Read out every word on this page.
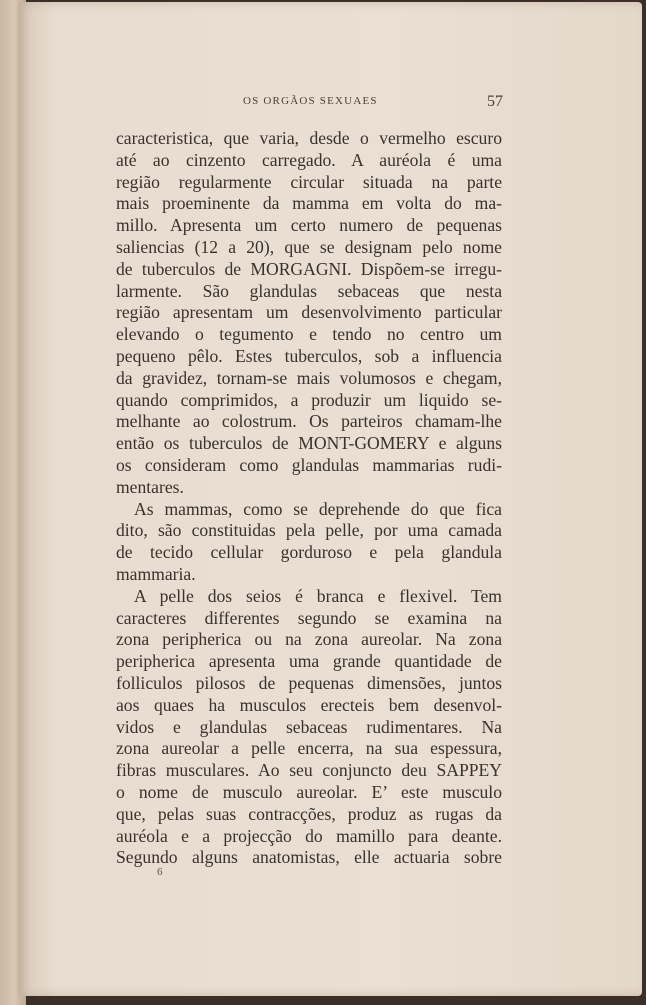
OS ORGÃOS SEXUAES	57
caracteristica, que varia, desde o vermelho escuro
até ao cinzento carregado. A auréola é uma
região regularmente circular situada na parte
mais proeminente da mamma em volta do ma-
millo. Apresenta um certo numero de pequenas
saliencias (12 a 20), que se designam pelo nome
de tuberculos de MORGAGNI. Dispõem-se irregu-
larmente. São glandulas sebaceas que nesta
região apresentam um desenvolvimento particular
elevando o tegumento e tendo no centro um
pequeno pêlo. Estes tuberculos, sob a influencia
da gravidez, tornam-se mais volumosos e chegam,
quando comprimidos, a produzir um liquido se-
melhante ao colostrum. Os parteiros chamam-lhe
então os tuberculos de MONT-GOMERY e alguns
os consideram como glandulas mammarias rudi-
mentares.
As mammas, como se deprehende do que fica
dito, são constituidas pela pelle, por uma camada
de tecido cellular gorduroso e pela glandula
mammaria.
A pelle dos seios é branca e flexivel. Tem
caracteres differentes segundo se examina na
zona peripherica ou na zona aureolar. Na zona
peripherica apresenta uma grande quantidade de
folliculos pilosos de pequenas dimensões, juntos
aos quaes ha musculos erecteis bem desenvol-
vidos e glandulas sebaceas rudimentares. Na
zona aureolar a pelle encerra, na sua espessura,
fibras musculares. Ao seu conjuncto deu SAPPEY
o nome de musculo aureolar. E’ este musculo
que, pelas suas contracções, produz as rugas da
auréola e a projecção do mamillo para deante.
Segundo alguns anatomistas, elle actuaria sobre
6
